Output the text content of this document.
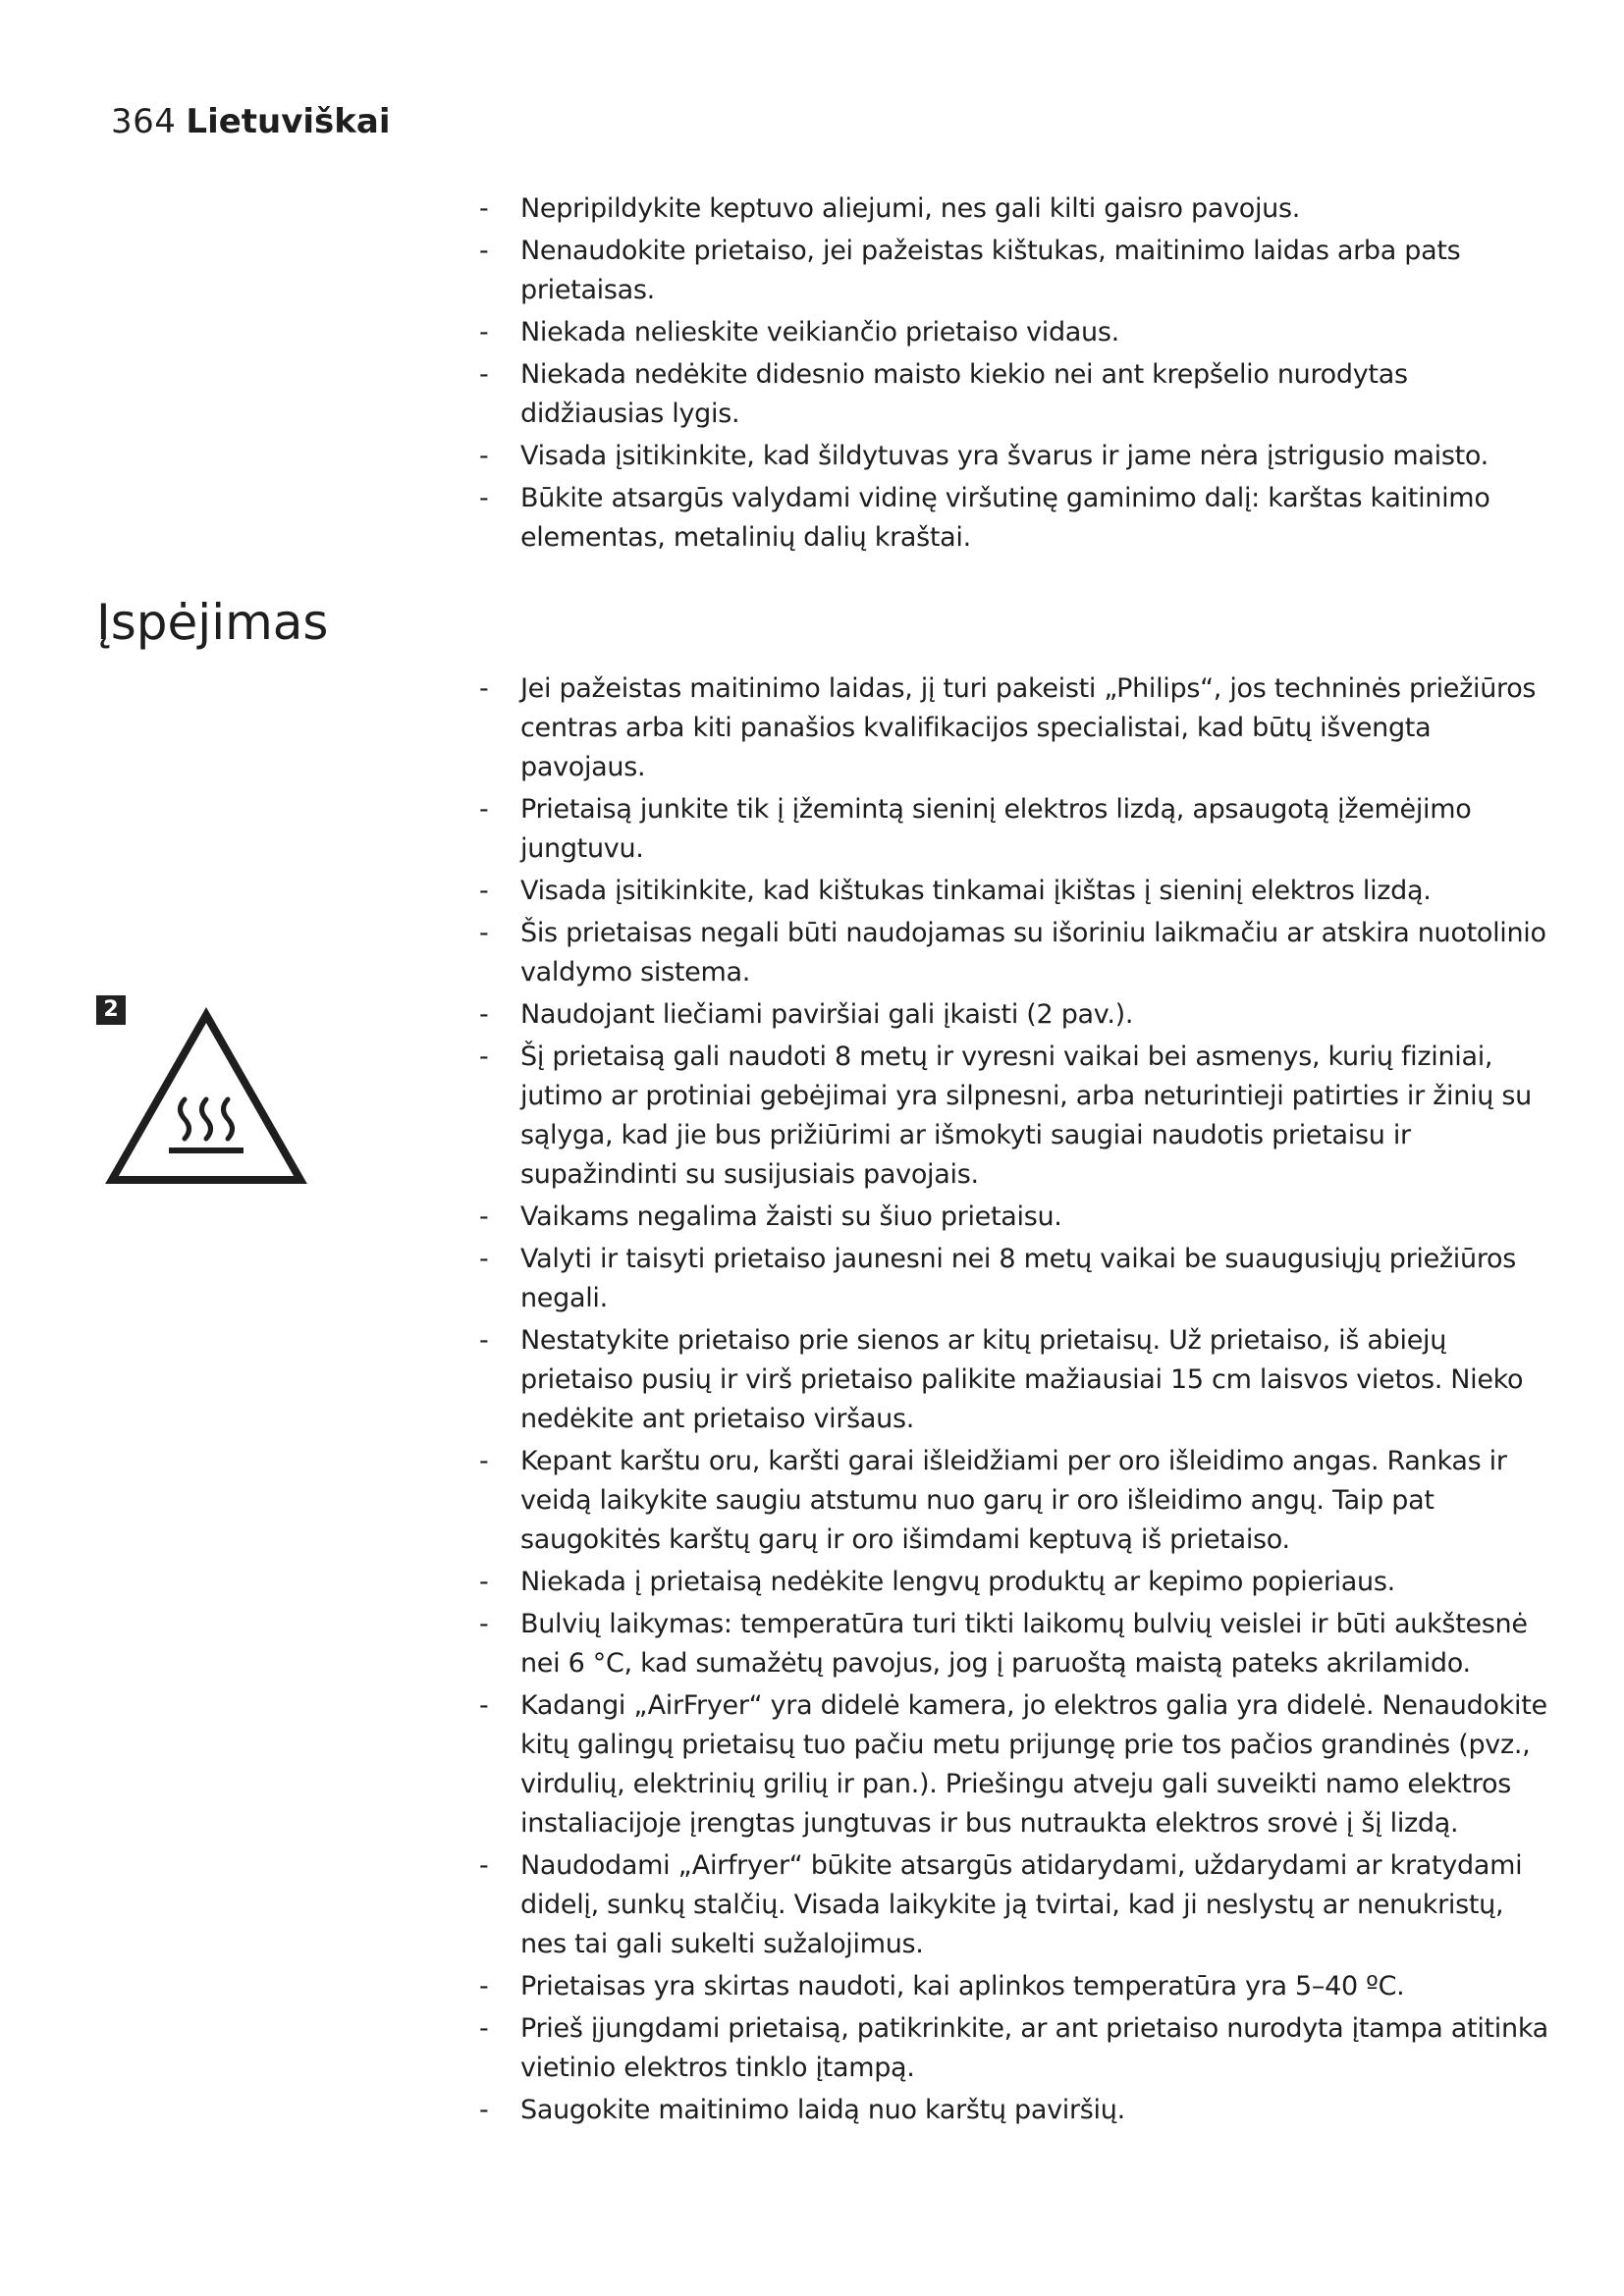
364 Lietuviškai
- Nepripildykite keptuvo aliejumi, nes gali kilti gaisro pavojus.
- Nenaudokite prietaiso, jei pažeistas kištukas, maitinimo laidas arba pats prietaisas.
- Niekada nelieskite veikiančio prietaiso vidaus.
- Niekada nedėkite didesnio maisto kiekio nei ant krepšelio nurodytas didžiausias lygis.
- Visada įsitikinkite, kad šildytuvas yra švarus ir jame nėra įstrigusio maisto.
- Būkite atsargūs valydami vidinę viršutinę gaminimo dalį: karštas kaitinimo elementas, metalinių dalių kraštai.
Įspėjimas
2
- Jei pažeistas maitinimo laidas, jį turi pakeisti „Philips“, jos techninės priežiūros centras arba kiti panašios kvalifikacijos specialistai, kad būtų išvengta pavojaus.
- Prietaisą junkite tik į įžemintą sieninį elektros lizdą, apsaugotą įžemėjimo jungtuvu.
- Visada įsitikinkite, kad kištukas tinkamai įkištas į sieninį elektros lizdą.
- Šis prietaisas negali būti naudojamas su išoriniu laikmačiu ar atskira nuotolinio valdymo sistema.
- Naudojant liečiami paviršiai gali įkaisti (2 pav.).
- Šį prietaisą gali naudoti 8 metų ir vyresni vaikai bei asmenys, kurių fiziniai, jutimo ar protiniai gebėjimai yra silpnesni, arba neturintieji patirties ir žinių su sąlyga, kad jie bus prižiūrimi ar išmokyti saugiai naudotis prietaisu ir supažindinti su susijusiais pavojais.
- Vaikams negalima žaisti su šiuo prietaisu.
- Valyti ir taisyti prietaiso jaunesni nei 8 metų vaikai be suaugusiųjų priežiūros negali.
- Nestatykite prietaiso prie sienos ar kitų prietaisų. Už prietaiso, iš abiejų prietaiso pusių ir virš prietaiso palikite mažiausiai 15 cm laisvos vietos. Nieko nedėkite ant prietaiso viršaus.
- Kepant karštu oru, karšti garai išleidžiami per oro išleidimo angas. Rankas ir veidą laikykite saugiu atstumu nuo garų ir oro išleidimo angų. Taip pat saugokitės karštų garų ir oro išimdami keptuvą iš prietaiso.
- Niekada į prietaisą nedėkite lengvų produktų ar kepimo popieriaus.
- Bulvių laikymas: temperatūra turi tikti laikomų bulvių veislei ir būti aukštesnė nei 6 °C, kad sumažėtų pavojus, jog į paruoštą maistą pateks akrilamido.
- Kadangi „AirFryer“ yra didelė kamera, jo elektros galia yra didelė. Nenaudokite kitų galingų prietaisų tuo pačiu metu prijungę prie tos pačios grandinės (pvz., virdulių, elektrinių grilių ir pan.). Priešingu atveju gali suveikti namo elektros instaliacijoje įrengtas jungtuvas ir bus nutraukta elektros srovė į šį lizdą.
- Naudodami „Airfryer“ būkite atsargūs atidarydami, uždarydami ar kratydami didelį, sunkų stalčių. Visada laikykite ją tvirtai, kad ji neslystų ar nenukristų, nes tai gali sukelti sužalojimus.
- Prietaisas yra skirtas naudoti, kai aplinkos temperatūra yra 5–40 ºC.
- Prieš įjungdami prietaisą, patikrinkite, ar ant prietaiso nurodyta įtampa atitinka vietinio elektros tinklo įtampą.
- Saugokite maitinimo laidą nuo karštų paviršių.
